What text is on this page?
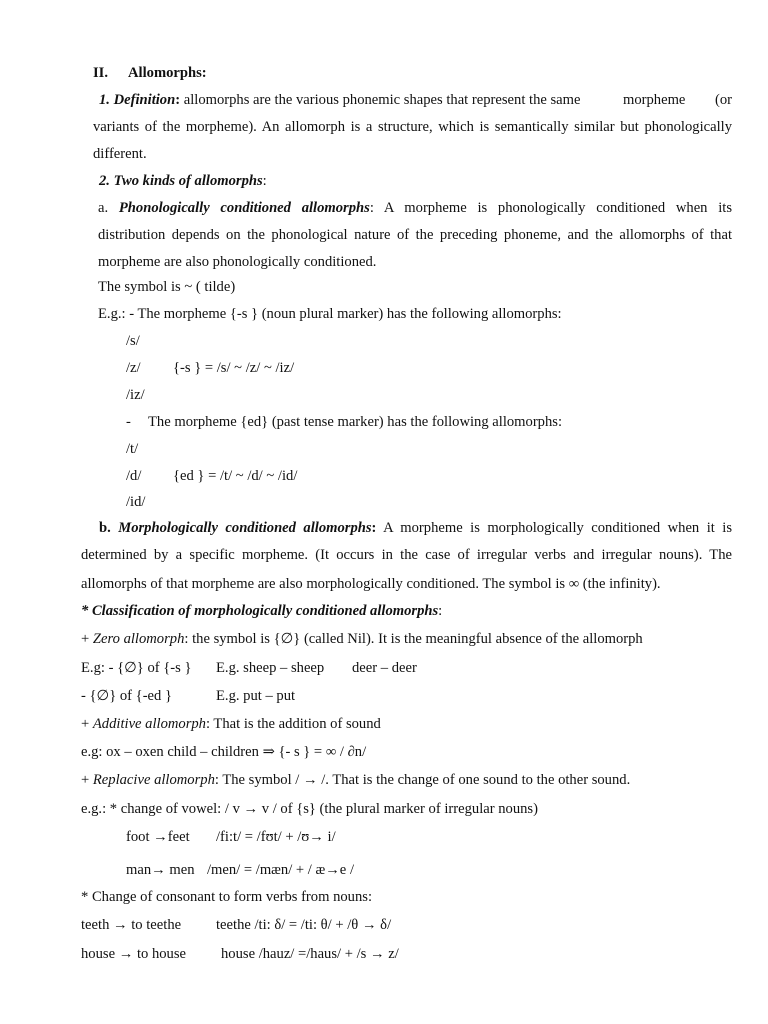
II. Allomorphs:
1. Definition: allomorphs are the various phonemic shapes that represent the same	morpheme (or
variants of the morpheme). An allomorph is a structure, which is semantically similar but phonologically
different.
2. Two kinds of allomorphs:
a. Phonologically conditioned allomorphs: A morpheme is phonologically conditioned when its
distribution depends on the phonological nature of the preceding phoneme, and the allomorphs of that
morpheme are also phonologically conditioned.
The symbol is ~ ( tilde)
E.g.: - The morpheme {-s } (noun plural marker) has the following allomorphs:
/s/
/z/ {-s } = /s/ ~ /z/ ~ /iz/
/iz/
- The morpheme {ed} (past tense marker) has the following allomorphs:
/t/
/d/ {ed } = /t/ ~ /d/ ~ /id/
/id/
b. Morphologically conditioned allomorphs: A morpheme is morphologically conditioned when it is
determined by a specific morpheme. (It occurs in the case of irregular verbs and irregular nouns). The
allomorphs of that morpheme are also morphologically conditioned. The symbol is ∞ (the infinity).
* Classification of morphologically conditioned allomorphs:
+ Zero allomorph: the symbol is {∅} (called Nil). It is the meaningful absence of the allomorph
E.g: - {∅} of {-s } E.g. sheep – sheep deer – deer
- {∅} of {-ed }	E.g. put – put
+ Additive allomorph: That is the addition of sound
e.g: ox – oxen child – children ⇒ {- s } = ∞ / ∂n/
+ Replacive allomorph: The symbol / → /. That is the change of one sound to the other sound.
e.g.: * change of vowel: / v → v / of {s} (the plural marker of irregular nouns)
foot →feet /fi:t/ = /fʊt/ + /ʊ→ i/
man→ men /men/ = /mæn/ + / æ→e /
* Change of consonant to form verbs from nouns:
teeth → to teethe teethe /ti: δ/ = /ti: θ/ + /θ → δ/
house → to house house /hauz/ =/haus/ + /s → z/
